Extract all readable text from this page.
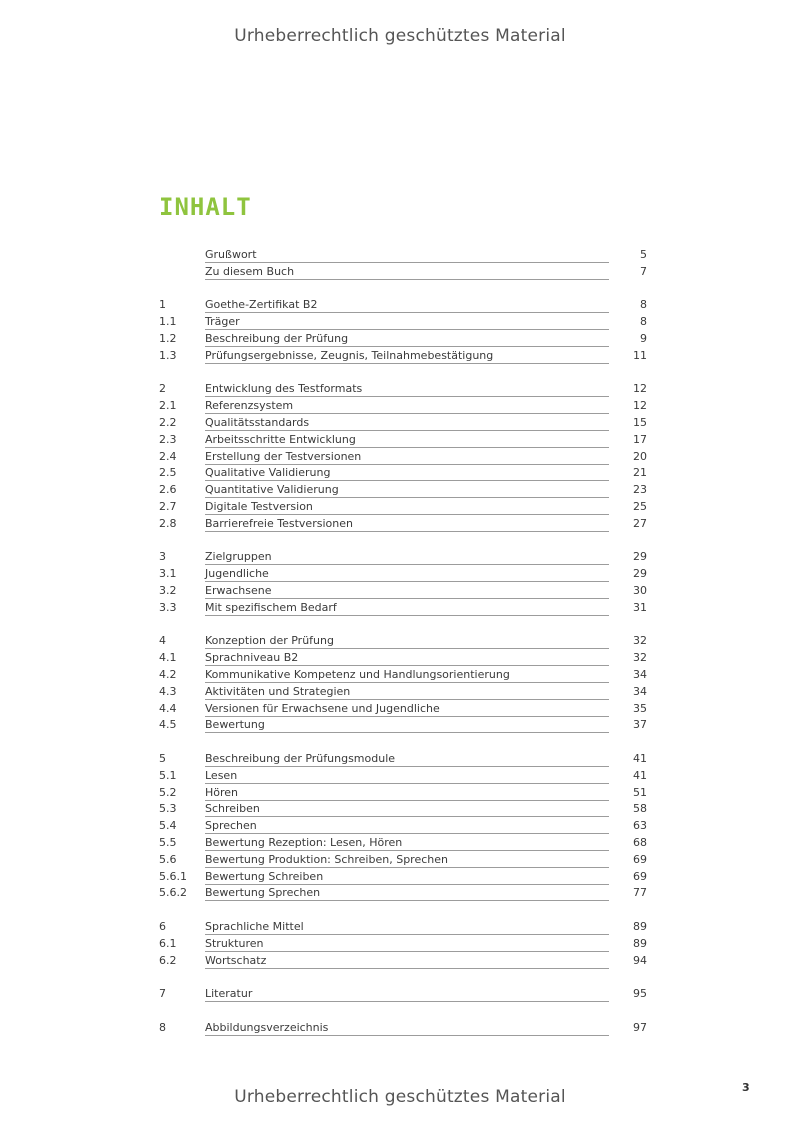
Urheberrechtlich geschütztes Material
INHALT
Grußwort	5
Zu diesem Buch	7
1	Goethe-Zertifikat B2	8
1.1	Träger	8
1.2	Beschreibung der Prüfung	9
1.3	Prüfungsergebnisse, Zeugnis, Teilnahmebestätigung	11
2	Entwicklung des Testformats	12
2.1	Referenzsystem	12
2.2	Qualitätsstandards	15
2.3	Arbeitsschritte Entwicklung	17
2.4	Erstellung der Testversionen	20
2.5	Qualitative Validierung	21
2.6	Quantitative Validierung	23
2.7	Digitale Testversion	25
2.8	Barrierefreie Testversionen	27
3	Zielgruppen	29
3.1	Jugendliche	29
3.2	Erwachsene	30
3.3	Mit spezifischem Bedarf	31
4	Konzeption der Prüfung	32
4.1	Sprachniveau B2	32
4.2	Kommunikative Kompetenz und Handlungsorientierung	34
4.3	Aktivitäten und Strategien	34
4.4	Versionen für Erwachsene und Jugendliche	35
4.5	Bewertung	37
5	Beschreibung der Prüfungsmodule	41
5.1	Lesen	41
5.2	Hören	51
5.3	Schreiben	58
5.4	Sprechen	63
5.5	Bewertung Rezeption: Lesen, Hören	68
5.6	Bewertung Produktion: Schreiben, Sprechen	69
5.6.1 Bewertung Schreiben	69
5.6.2 Bewertung Sprechen	77
6	Sprachliche Mittel	89
6.1	Strukturen	89
6.2	Wortschatz	94
7	Literatur	95
8	Abbildungsverzeichnis	97
3
Urheberrechtlich geschütztes Material
